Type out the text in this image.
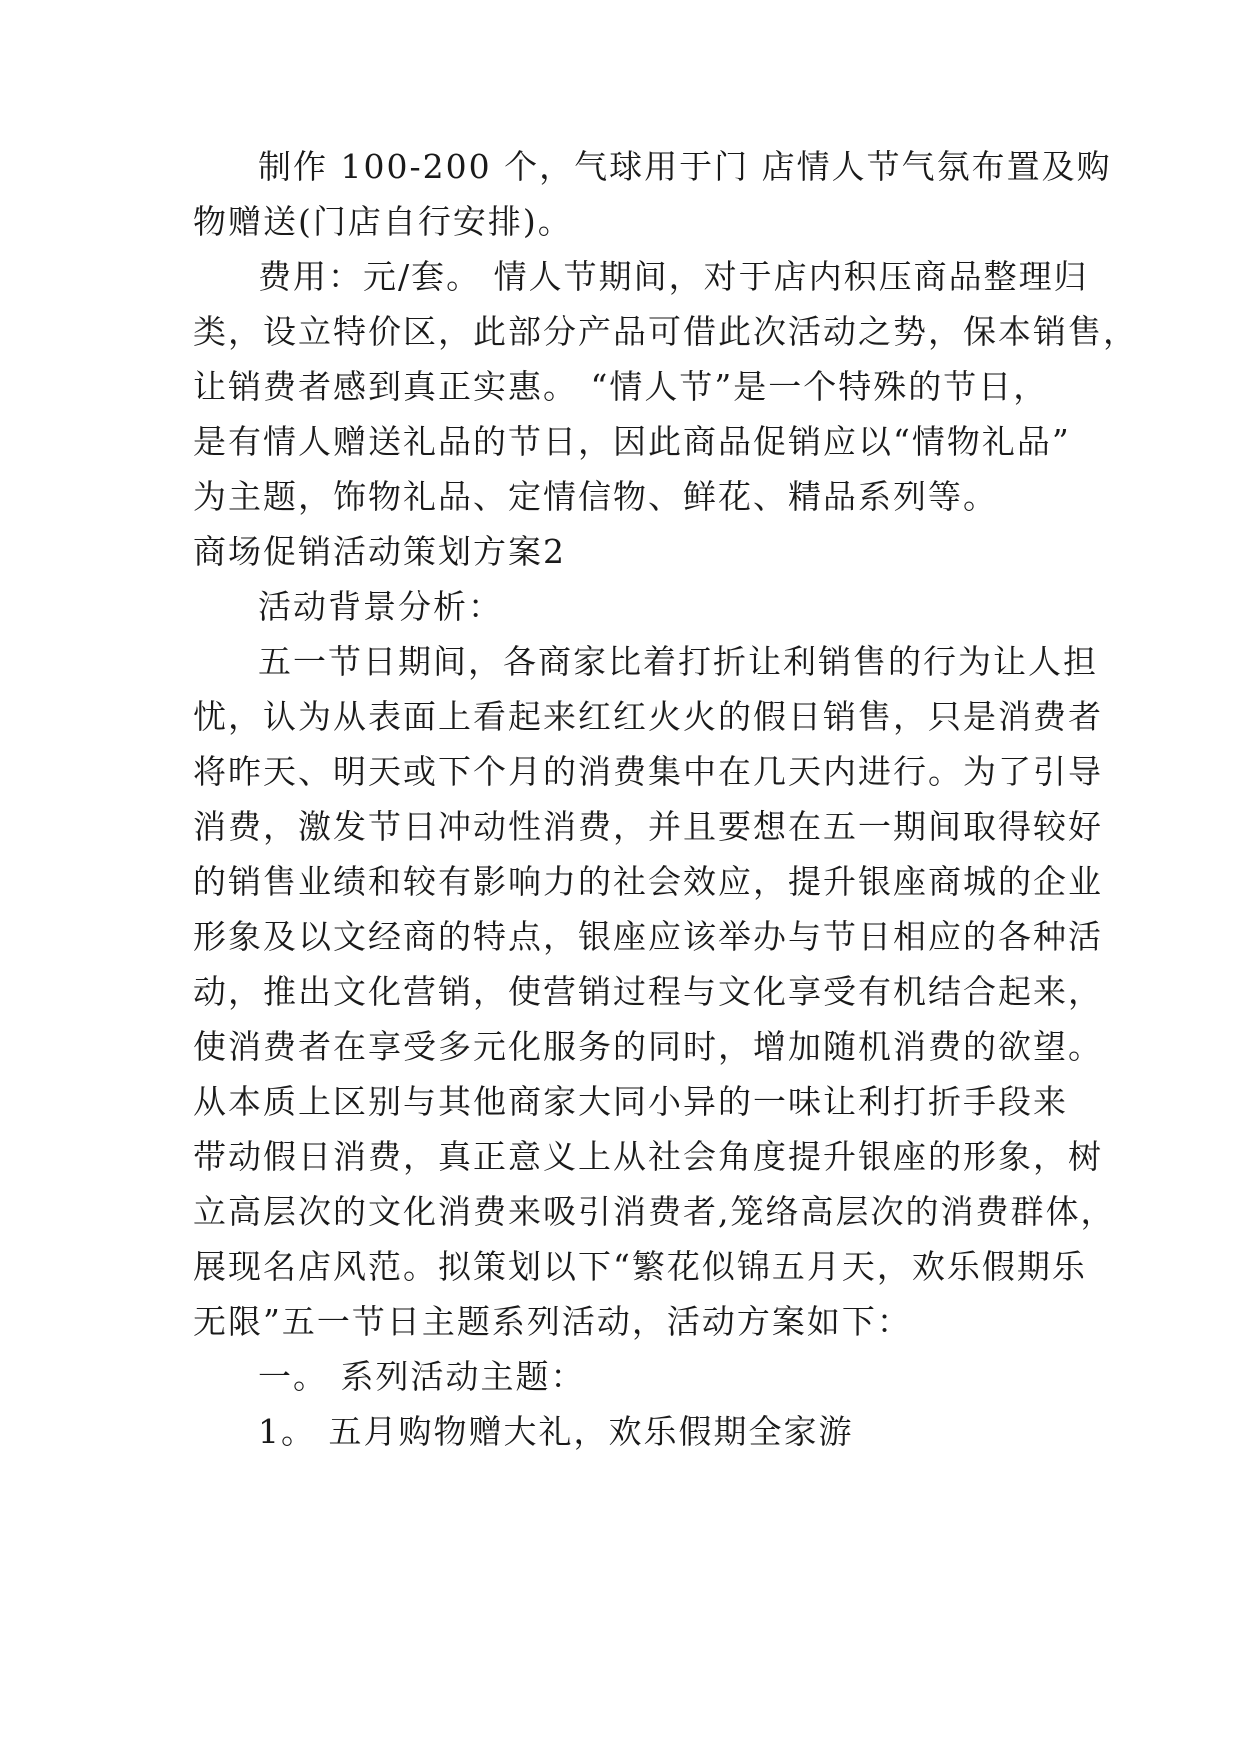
制作 100-200 个，气球用于门 店情人节气氛布置及购
物赠送(门店自行安排)。
费用：元/套。 情人节期间，对于店内积压商品整理归
类，设立特价区，此部分产品可借此次活动之势，保本销售，
让销费者感到真正实惠。 “情人节”是一个特殊的节日，
是有情人赠送礼品的节日，因此商品促销应以“情物礼品”
为主题，饰物礼品、定情信物、鲜花、精品系列等。
商场促销活动策划方案2
活动背景分析：
五一节日期间，各商家比着打折让利销售的行为让人担
忧，认为从表面上看起来红红火火的假日销售，只是消费者
将昨天、明天或下个月的消费集中在几天内进行。为了引导
消费，激发节日冲动性消费，并且要想在五一期间取得较好
的销售业绩和较有影响力的社会效应，提升银座商城的企业
形象及以文经商的特点，银座应该举办与节日相应的各种活
动，推出文化营销，使营销过程与文化享受有机结合起来，
使消费者在享受多元化服务的同时，增加随机消费的欲望。
从本质上区别与其他商家大同小异的一味让利打折手段来
带动假日消费，真正意义上从社会角度提升银座的形象，树
立高层次的文化消费来吸引消费者,笼络高层次的消费群体，
展现名店风范。拟策划以下“繁花似锦五月天，欢乐假期乐
无限”五一节日主题系列活动，活动方案如下：
一。 系列活动主题：
1。 五月购物赠大礼，欢乐假期全家游
